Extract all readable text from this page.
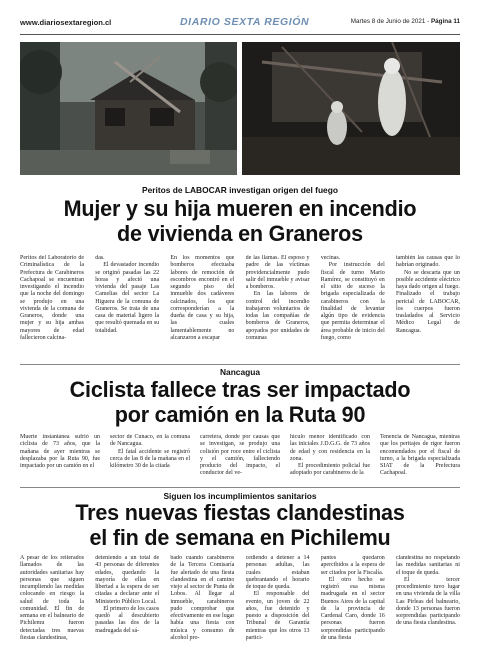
www.diariosextaregion.cl	DIARIO SEXTA REGIÓN	Martes 8 de Junio de 2021 - Página 11
Peritos de LABOCAR investigan origen del fuego
Mujer y su hija mueren en incendio
de vivienda en Graneros
Peritos del Laboratorio de Criminalística de la Prefectura de Carabineros Cachapoal se encuentran investigando el incendio que la noche del domingo se produjo en una vivienda de la comuna de Graneros, donde una mujer y su hija ambas mayores de edad fallecieron calcina-

das.

El devastador incendio se originó pasadas las 22 horas y afectó una vivienda del pasaje Las Camelias del sector La Higuera de la comuna de Graneros. Se trata de una casa de material ligero la que resultó quemada en su totalidad.

En los momentos que bomberos efectuaba labores de remoción de escombros encontró en el segundo piso del inmueble dos cadáveres calcinados, los que corresponderían a la dueña de casa y su hija, las cuales lamentablemente no alcanzaron a escapar

de las llamas. El esposo y padre de las víctimas providencialmente pudo salir del inmueble y avisar a bomberos.

En las labores de control del incendio trabajaron voluntarios de todas las compañías de bomberos de Graneros, apoyados por unidades de comunas

vecinas.

Por instrucción del fiscal de turno Mario Ramírez, se constituyó en el sitio de suceso la brigada especializada de carabineros con la finalidad de levantar algún tipo de evidencia que permita determinar el área probable de inicio del fuego, como

también las causas que lo habrían originado.

No se descarta que un posible accidente eléctrico haya dado origen al fuego. Finalizado el trabajo pericial de LABOCAR, los cuerpos fueron trasladados al Servicio Médico Legal de Rancagua.

Nancagua
Ciclista fallece tras ser impactado
por camión en la Ruta 90
Muerte instantánea sufrió un ciclista de 73 años, que la mañana de ayer mientras se desplazaba por la Ruta 90, fue impactado por un camión en el

sector de Cunaco, en la comuna de Nancagua.

El fatal accidente se registró cerca de las 8 de la mañana en el kilómetro 30 de la citada

carretera, donde por causas que se investigan, se produjo una colisión por roce entre el ciclista y el camión, falleciendo producto del impacto, el conductor del ve-

hículo menor identificado con las iniciales J.D.G.G. de 73 años de edad y con residencia en la zona.

El procedimiento policial fue adoptado por carabineros de la

Tenencia de Nancagua, mientras que los peritajes de rigor fueron encomendados por el fiscal de turno, a la brigada especializada SIAT de la Prefectura Cachapoal.
Siguen los incumplimientos sanitarios
Tres nuevas fiestas clandestinas
el fin de semana en Pichilemu
A pesar de los reiterados llamados de las autoridades sanitarias hay personas que siguen incumpliendo las medidas colocando en riesgo la salud de toda la comunidad. El fin de semana en el balneario de Pichilemu fueron detectadas tres nuevas fiestas clandestinas,

deteniendo a un total de 43 personas de diferentes edades, quedando la mayoría de ellas en libertad a la espera de ser citadas a declarar ante el Ministerio Público Local.

El primero de los casos quedó al descubierto pasadas las dos de la madrugada del sá-

bado cuando carabineros de la Tercera Comisaría fue alertado de una fiesta clandestina en el camino viejo al sector de Punta de Lobos. Al llegar al inmueble, carabineros pudo comprobar que efectivamente en ese lugar había una fiesta con música y consumo de alcohol pro-

cediendo a detener a 14 personas adultas, las cuales estaban quebrantando el horario de toque de queda.

El responsable del evento, un joven de 22 años, fue detenido y puesto a disposición del Tribunal de Garantía mientras que los otros 13 partici-

pantes quedaron apercibidos a la espera de ser citados por la Fiscalía.

El otro hecho se registró esa misma madrugada en el sector Buenos Aires de la capital de la provincia de Cardenal Caro, donde 16 personas fueron sorprendidas participando de una fiesta

clandestina no respetando las medidas sanitarias ni el toque de queda.

El tercer procedimiento tuvo lugar en una vivienda de la villa Las Pirleas del balneario, donde 13 personas fueron sorprendidas participando de una fiesta clandestina.
